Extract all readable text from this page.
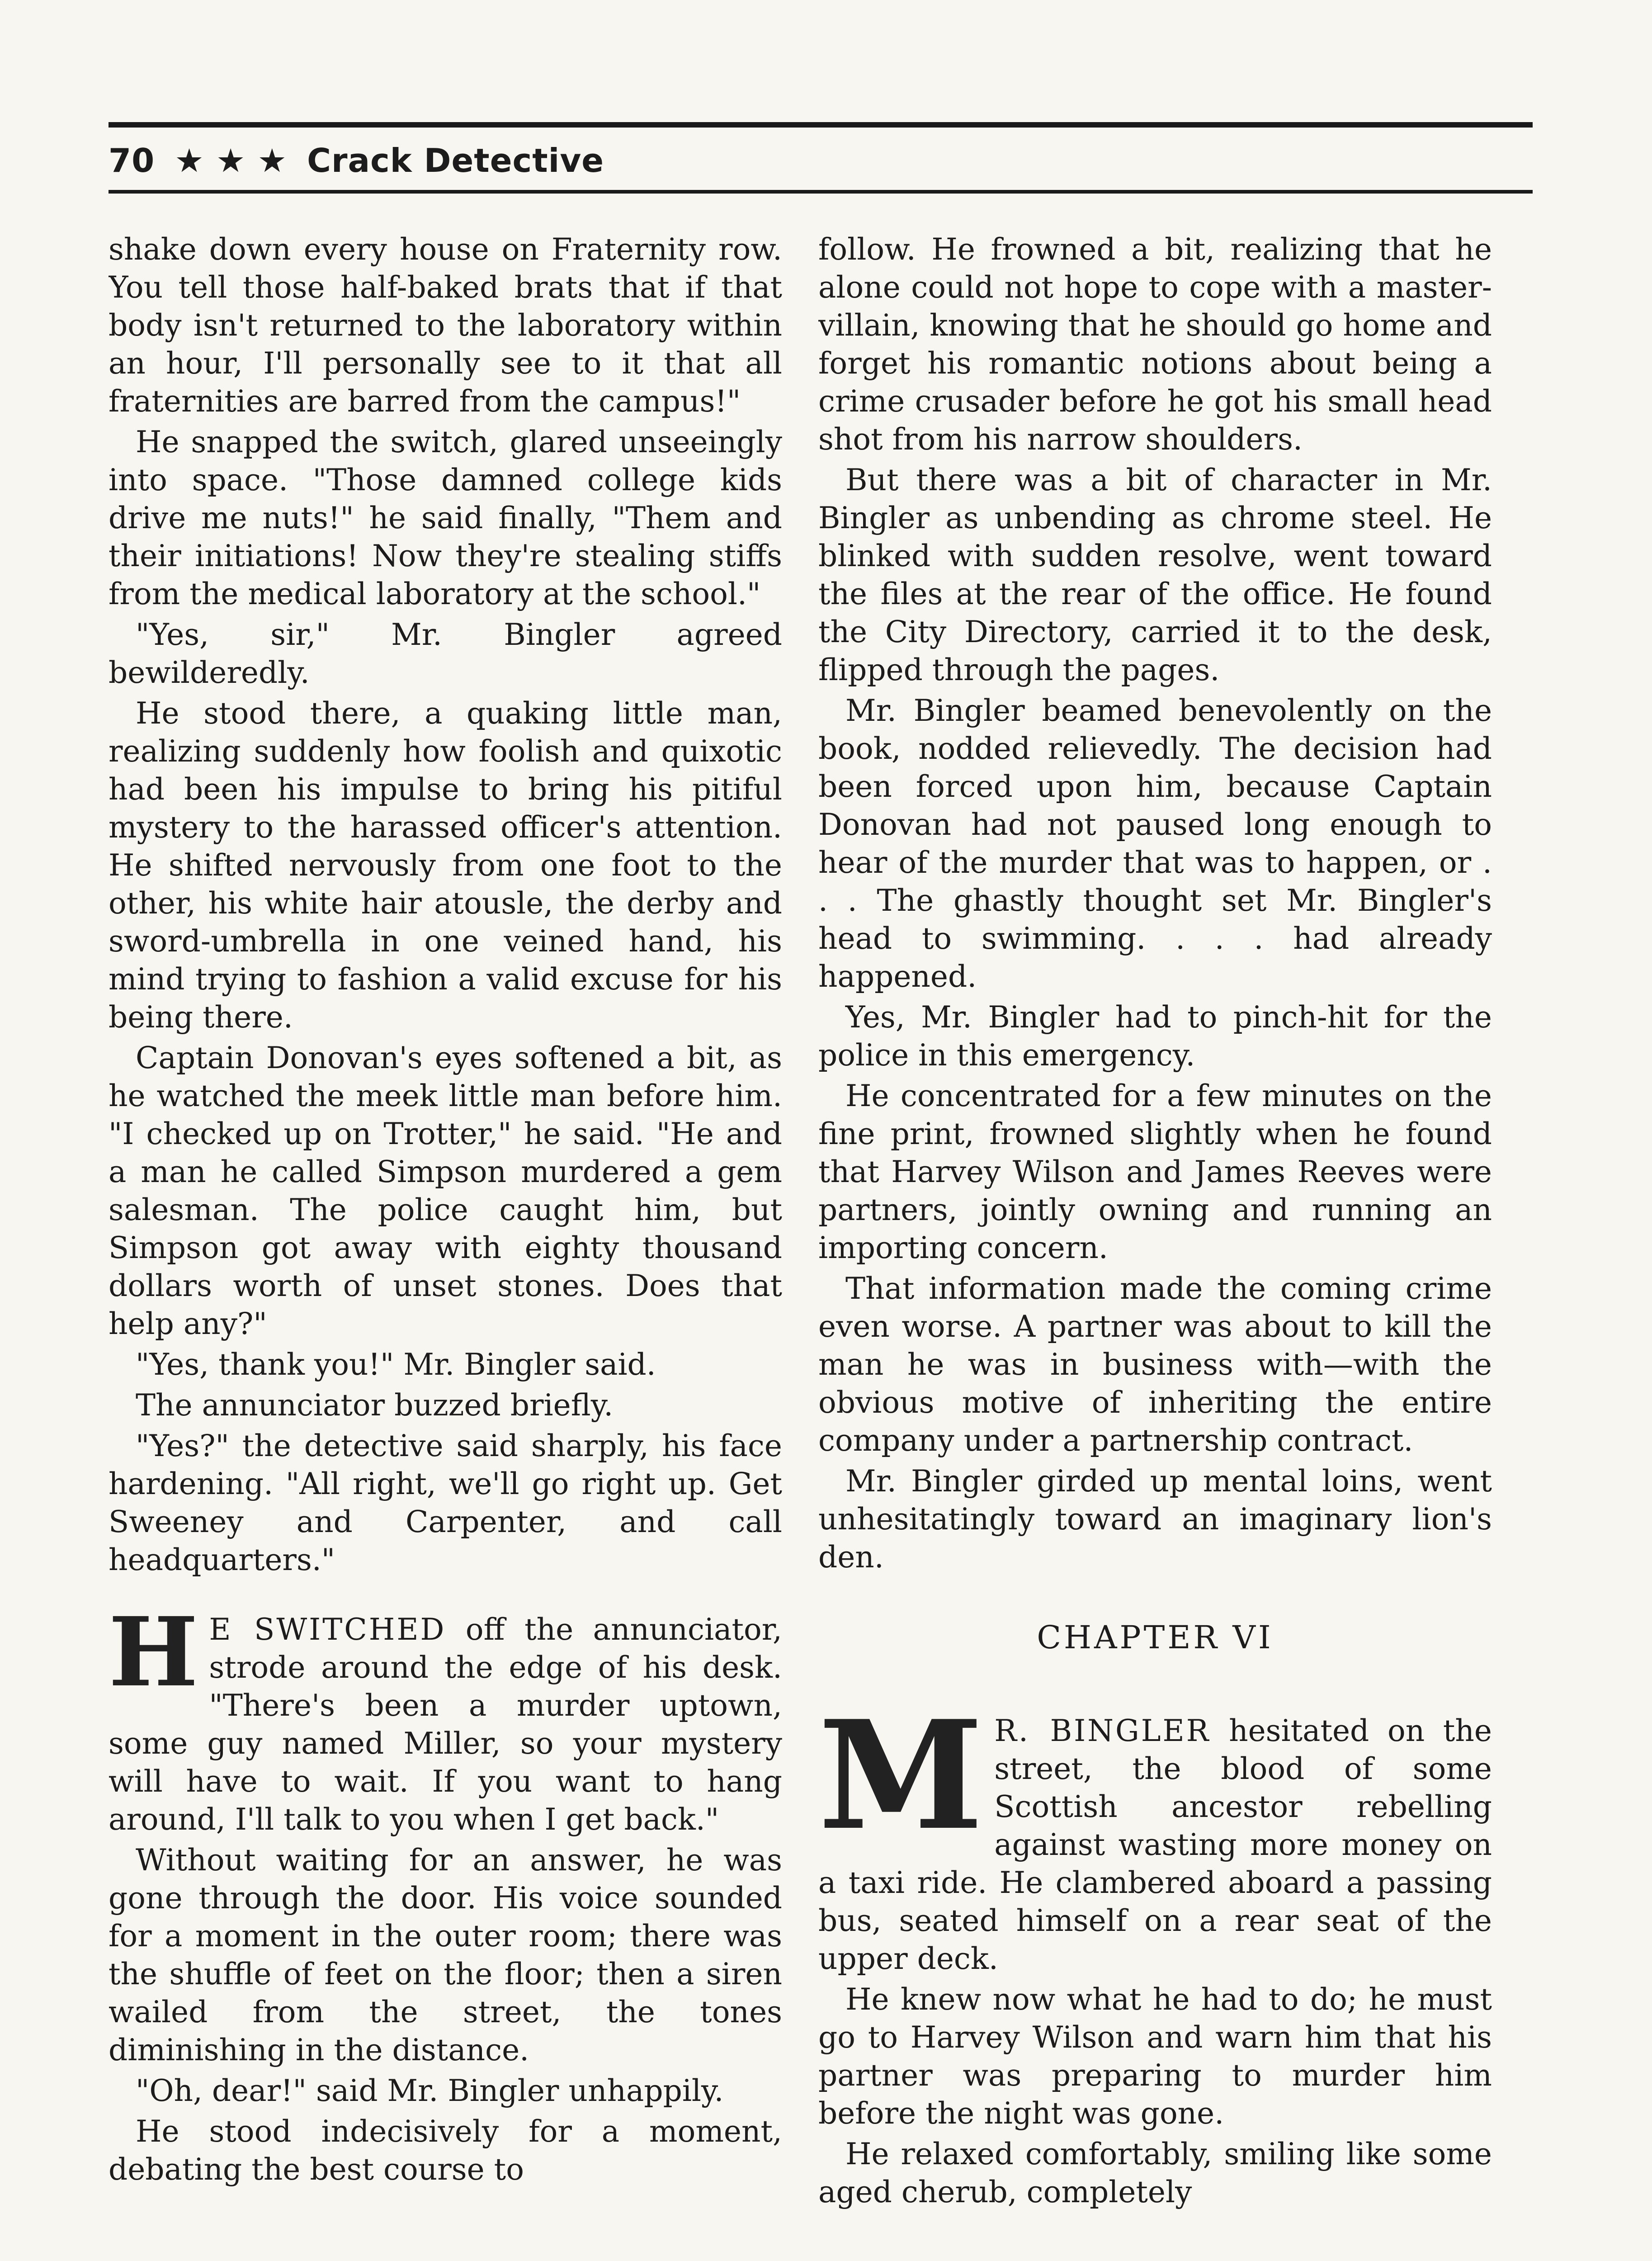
70 ★ ★ ★ Crack Detective

shake down every house on Fraternity row. You tell those half-baked brats that if that body isn't returned to the laboratory within an hour, I'll personally see to it that all fraternities are barred from the campus!"

He snapped the switch, glared unseeingly into space. "Those damned college kids drive me nuts!" he said finally, "Them and their initiations! Now they're stealing stiffs from the medical laboratory at the school."

"Yes, sir," Mr. Bingler agreed bewilderedly.

He stood there, a quaking little man, realizing suddenly how foolish and quixotic had been his impulse to bring his pitiful mystery to the harassed officer's attention. He shifted nervously from one foot to the other, his white hair atousle, the derby and sword-umbrella in one veined hand, his mind trying to fashion a valid excuse for his being there.

Captain Donovan's eyes softened a bit, as he watched the meek little man before him. "I checked up on Trotter," he said. "He and a man he called Simpson murdered a gem salesman. The police caught him, but Simpson got away with eighty thousand dollars worth of unset stones. Does that help any?"

"Yes, thank you!" Mr. Bingler said.

The annunciator buzzed briefly.

"Yes?" the detective said sharply, his face hardening. "All right, we'll go right up. Get Sweeney and Carpenter, and call headquarters."

H E SWITCHED off the annunciator, strode around the edge of his desk. "There's been a murder uptown, some guy named Miller, so your mystery will have to wait. If you want to hang around, I'll talk to you when I get back."

Without waiting for an answer, he was gone through the door. His voice sounded for a moment in the outer room; there was the shuffle of feet on the floor; then a siren wailed from the street, the tones diminishing in the distance.

"Oh, dear!" said Mr. Bingler unhappily.

He stood indecisively for a moment, debating the best course to

follow. He frowned a bit, realizing that he alone could not hope to cope with a master-villain, knowing that he should go home and forget his romantic notions about being a crime crusader before he got his small head shot from his narrow shoulders.

But there was a bit of character in Mr. Bingler as unbending as chrome steel. He blinked with sudden resolve, went toward the files at the rear of the office. He found the City Directory, carried it to the desk, flipped through the pages.

Mr. Bingler beamed benevolently on the book, nodded relievedly. The decision had been forced upon him, because Captain Donovan had not paused long enough to hear of the murder that was to happen, or . . . The ghastly thought set Mr. Bingler's head to swimming. . . . had already happened.

Yes, Mr. Bingler had to pinch-hit for the police in this emergency.

He concentrated for a few minutes on the fine print, frowned slightly when he found that Harvey Wilson and James Reeves were partners, jointly owning and running an importing concern.

That information made the coming crime even worse. A partner was about to kill the man he was in business with—with the obvious motive of inheriting the entire company under a partnership contract.

Mr. Bingler girded up mental loins, went unhesitatingly toward an imaginary lion's den.

CHAPTER VI

M R. BINGLER hesitated on the street, the blood of some Scottish ancestor rebelling against wasting more money on a taxi ride. He clambered aboard a passing bus, seated himself on a rear seat of the upper deck.

He knew now what he had to do; he must go to Harvey Wilson and warn him that his partner was preparing to murder him before the night was gone.

He relaxed comfortably, smiling like some aged cherub, completely
